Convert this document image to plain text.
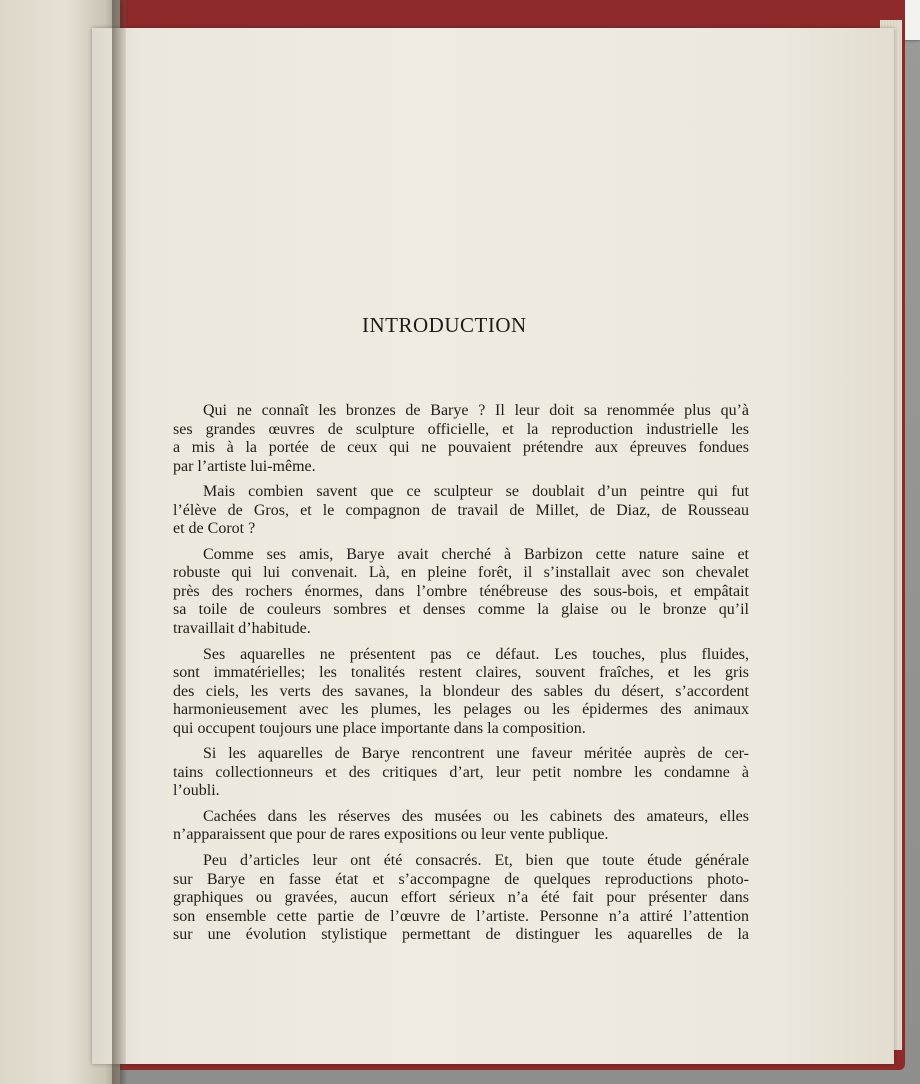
INTRODUCTION
Qui ne connaît les bronzes de Barye ? Il leur doit sa renommée plus qu’à
ses grandes œuvres de sculpture officielle, et la reproduction industrielle les
a mis à la portée de ceux qui ne pouvaient prétendre aux épreuves fondues
par l’artiste lui-même.
Mais combien savent que ce sculpteur se doublait d’un peintre qui fut
l’élève de Gros, et le compagnon de travail de Millet, de Diaz, de Rousseau
et de Corot ?
Comme ses amis, Barye avait cherché à Barbizon cette nature saine et
robuste qui lui convenait. Là, en pleine forêt, il s’installait avec son chevalet
près des rochers énormes, dans l’ombre ténébreuse des sous-bois, et empâtait
sa toile de couleurs sombres et denses comme la glaise ou le bronze qu’il
travaillait d’habitude.
Ses aquarelles ne présentent pas ce défaut. Les touches, plus fluides,
sont immatérielles; les tonalités restent claires, souvent fraîches, et les gris
des ciels, les verts des savanes, la blondeur des sables du désert, s’accordent
harmonieusement avec les plumes, les pelages ou les épidermes des animaux
qui occupent toujours une place importante dans la composition.
Si les aquarelles de Barye rencontrent une faveur méritée auprès de cer-
tains collectionneurs et des critiques d’art, leur petit nombre les condamne à
l’oubli.
Cachées dans les réserves des musées ou les cabinets des amateurs, elles
n’apparaissent que pour de rares expositions ou leur vente publique.
Peu d’articles leur ont été consacrés. Et, bien que toute étude générale
sur Barye en fasse état et s’accompagne de quelques reproductions photo-
graphiques ou gravées, aucun effort sérieux n’a été fait pour présenter dans
son ensemble cette partie de l’œuvre de l’artiste. Personne n’a attiré l’attention
sur une évolution stylistique permettant de distinguer les aquarelles de la
